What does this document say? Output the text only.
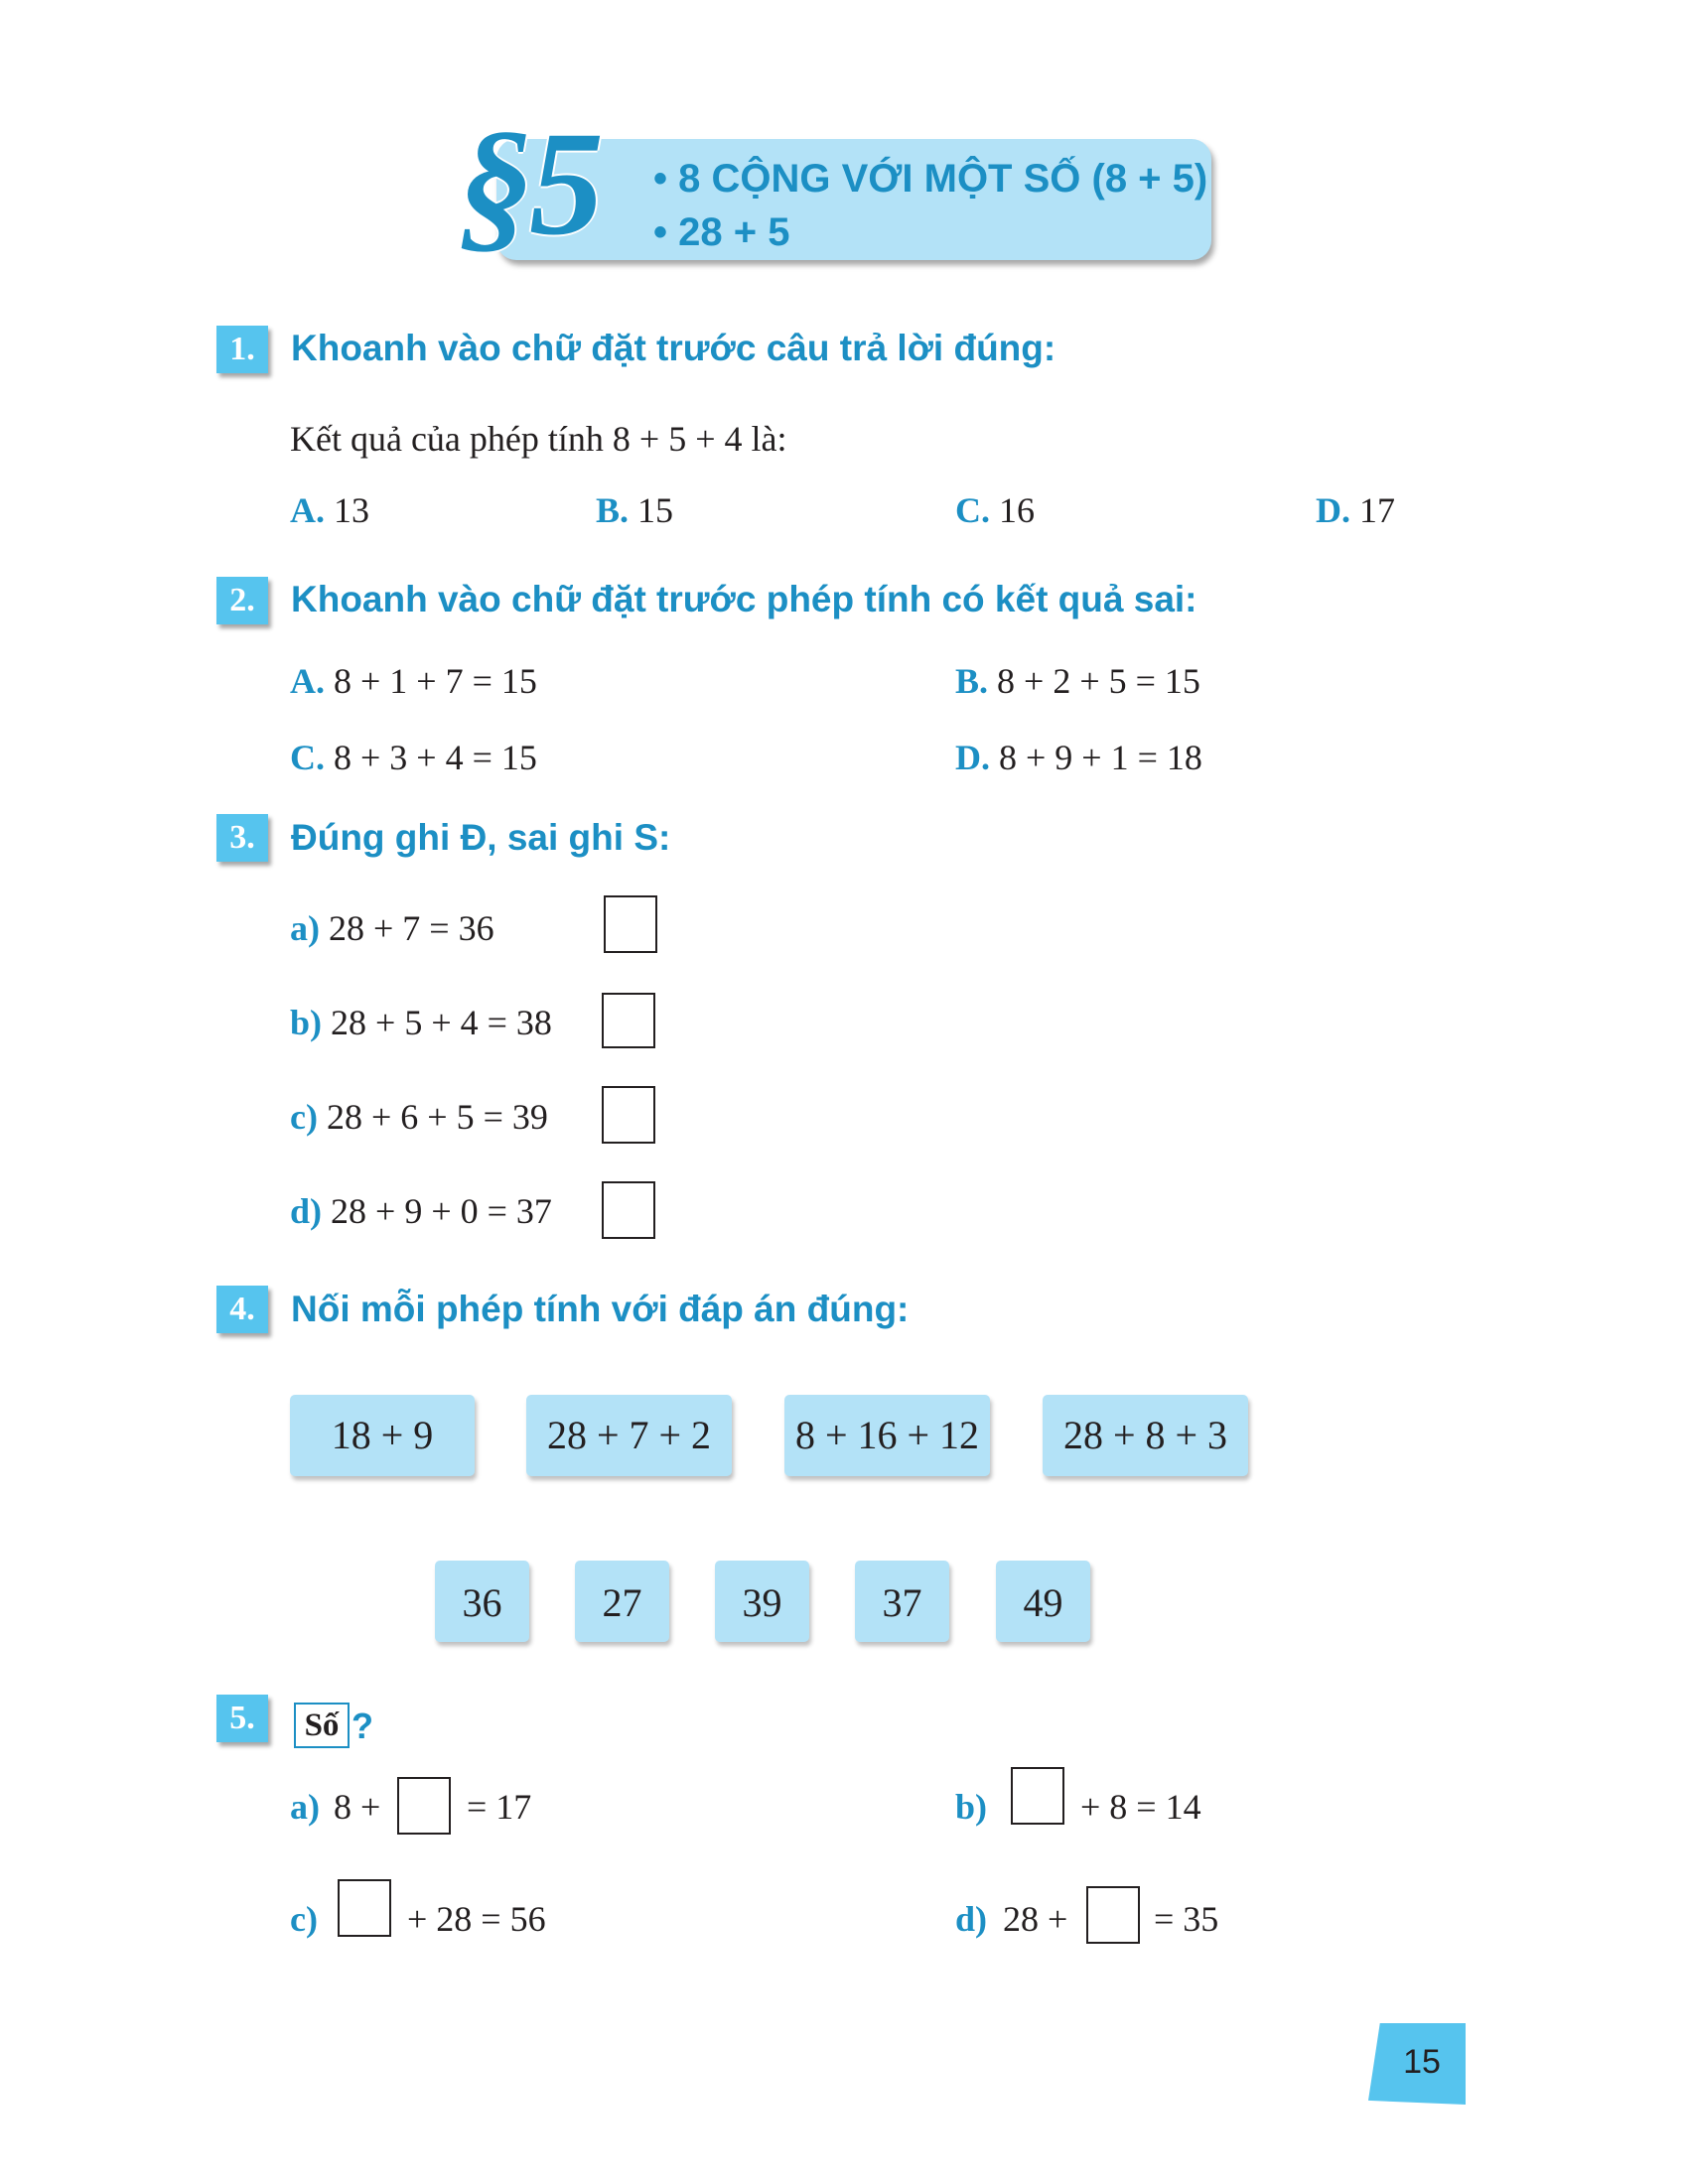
§5 • 8 CỘNG VỚI MỘT SỐ (8 + 5)
• 28 + 5
1. Khoanh vào chữ đặt trước câu trả lời đúng:
Kết quả của phép tính 8 + 5 + 4 là:
A. 13	B. 15	C. 16	D. 17
2. Khoanh vào chữ đặt trước phép tính có kết quả sai:
A. 8 + 1 + 7 = 15	B. 8 + 2 + 5 = 15
C. 8 + 3 + 4 = 15	D. 8 + 9 + 1 = 18
3. Đúng ghi Đ, sai ghi S:
a) 28 + 7 = 36
b) 28 + 5 + 4 = 38
c) 28 + 6 + 5 = 39
d) 28 + 9 + 0 = 37
4. Nối mỗi phép tính với đáp án đúng:
18 + 9	28 + 7 + 2	8 + 16 + 12	28 + 8 + 3
36	27	39	37	49
5.	Số ?
a) 8 + = 17	b)	+ 8 = 14
c)	+ 28 = 56	d) 28 + = 35
15
